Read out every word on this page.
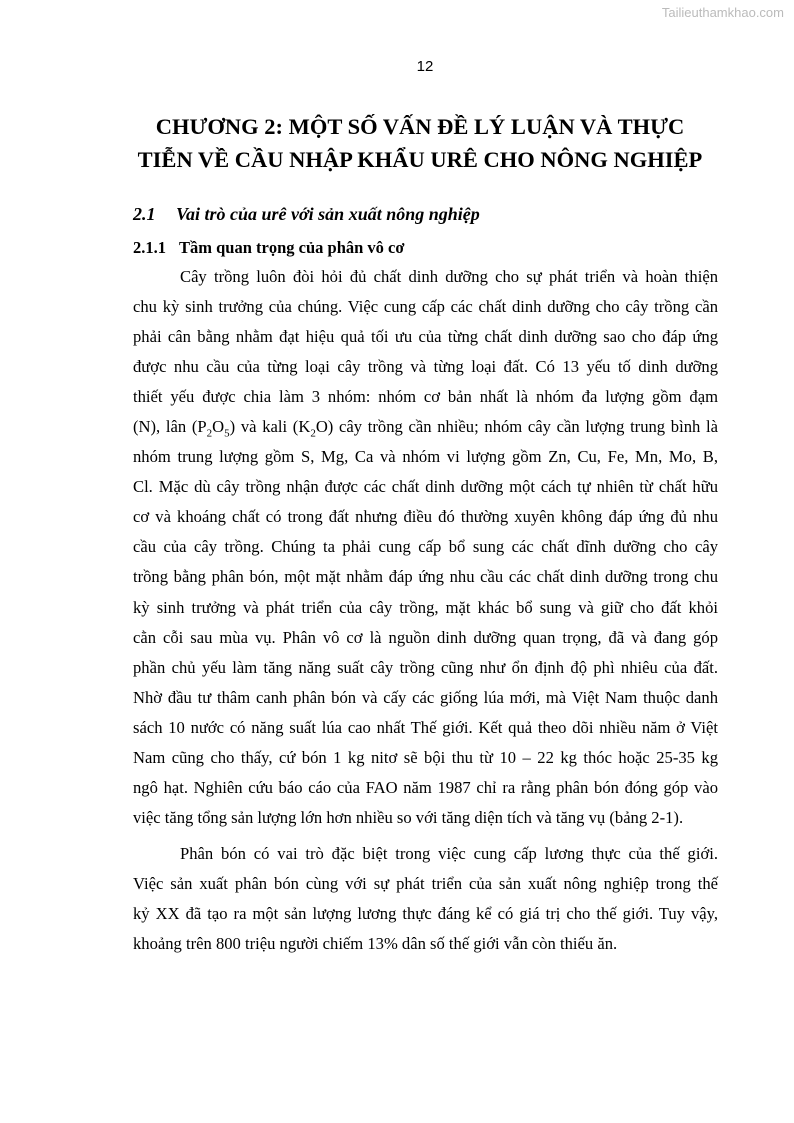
Tailieuthamkhao.com
12
CHƯƠNG 2: MỘT SỐ VẤN ĐỀ LÝ LUẬN VÀ THỰC
TIỄN VỀ CẦU NHẬP KHẨU URÊ CHO NÔNG NGHIỆP
2.1 Vai trò của urê với sản xuất nông nghiệp
2.1.1 Tầm quan trọng của phân vô cơ
Cây trồng luôn đòi hỏi đủ chất dinh dưỡng cho sự phát triển và hoàn thiện
chu kỳ sinh trưởng của chúng. Việc cung cấp các chất dinh dưỡng cho cây trồng cần
phải cân bằng nhằm đạt hiệu quả tối ưu của từng chất dinh dưỡng sao cho đáp ứng
được nhu cầu của từng loại cây trồng và từng loại đất. Có 13 yếu tố dinh dưỡng
thiết yếu được chia làm 3 nhóm: nhóm cơ bản nhất là nhóm đa lượng gồm đạm
(N), lân $(P_2O_5)$ và kali $(K_2O)$ cây trồng cần nhiều; nhóm cây cần lượng trung bình là
nhóm trung lượng gồm S, Mg, Ca và nhóm vi lượng gồm Zn, Cu, Fe, Mn, Mo, B,
Cl. Mặc dù cây trồng nhận được các chất dinh dưỡng một cách tự nhiên từ chất hữu
cơ và khoáng chất có trong đất nhưng điều đó thường xuyên không đáp ứng đủ nhu
cầu của cây trồng. Chúng ta phải cung cấp bổ sung các chất dĩnh dưỡng cho cây
trồng bằng phân bón, một mặt nhằm đáp ứng nhu cầu các chất dinh dưỡng trong chu
kỳ sinh trưởng và phát triển của cây trồng, mặt khác bổ sung và giữ cho đất khỏi
cằn cỗi sau mùa vụ. Phân vô cơ là nguồn dinh dưỡng quan trọng, đã và đang góp
phần chủ yếu làm tăng năng suất cây trồng cũng như ổn định độ phì nhiêu của đất.
Nhờ đầu tư thâm canh phân bón và cấy các giống lúa mới, mà Việt Nam thuộc danh
sách 10 nước có năng suất lúa cao nhất Thế giới. Kết quả theo dõi nhiều năm ở Việt
Nam cũng cho thấy, cứ bón 1 kg nitơ sẽ bội thu từ 10 – 22 kg thóc hoặc 25-35 kg
ngô hạt. Nghiên cứu báo cáo của FAO năm 1987 chỉ ra rằng phân bón đóng góp vào
việc tăng tổng sản lượng lớn hơn nhiều so với tăng diện tích và tăng vụ (bảng 2-1).
Phân bón có vai trò đặc biệt trong việc cung cấp lương thực của thế giới.
Việc sản xuất phân bón cùng với sự phát triển của sản xuất nông nghiệp trong thế
kỷ XX đã tạo ra một sản lượng lương thực đáng kể có giá trị cho thế giới. Tuy vậy,
khoảng trên 800 triệu người chiếm 13% dân số thế giới vẫn còn thiếu ăn.
